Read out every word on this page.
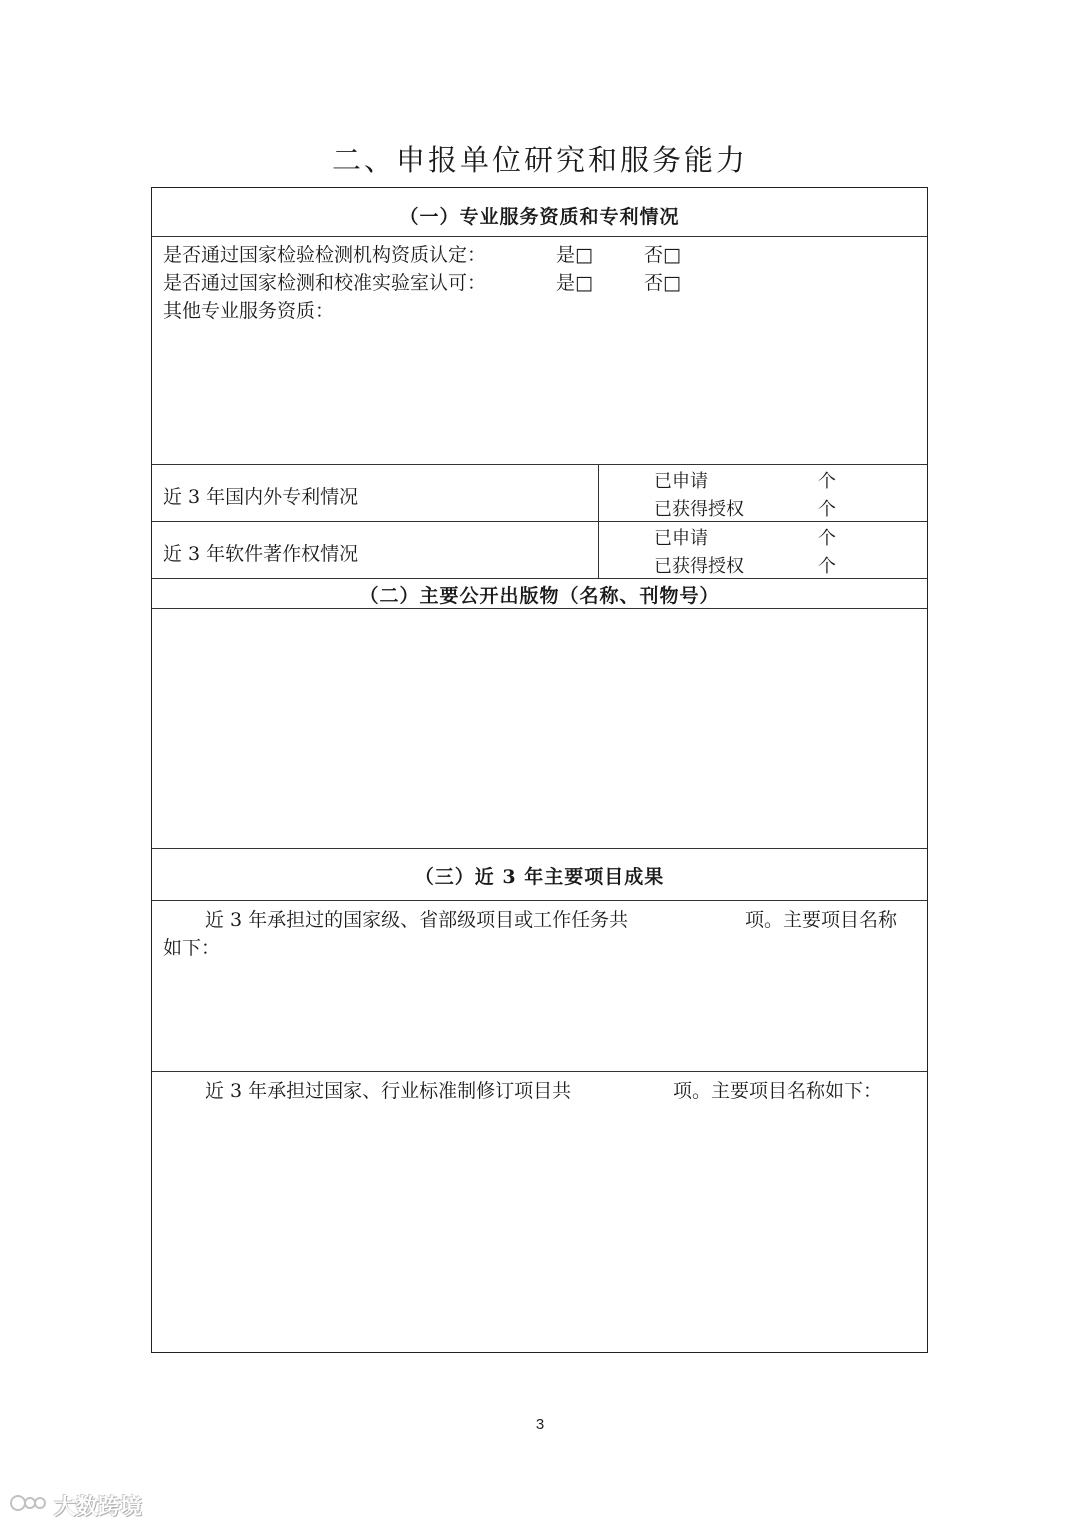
二、申报单位研究和服务能力
（一）专业服务资质和专利情况
是否通过国家检验检测机构资质认定：	是□	否□
是否通过国家检测和校准实验室认可：	是□	否□
其他专业服务资质：
近 3 年国内外专利情况
已申请	个
已获得授权	个
近 3 年软件著作权情况
已申请	个
已获得授权	个
（二）主要公开出版物（名称、刊物号）
（三）近 3 年主要项目成果
近 3 年承担过的国家级、省部级项目或工作任务共	项。主要项目名称
如下：
近 3 年承担过国家、行业标准制修订项目共	项。主要项目名称如下：
3
大数跨境
